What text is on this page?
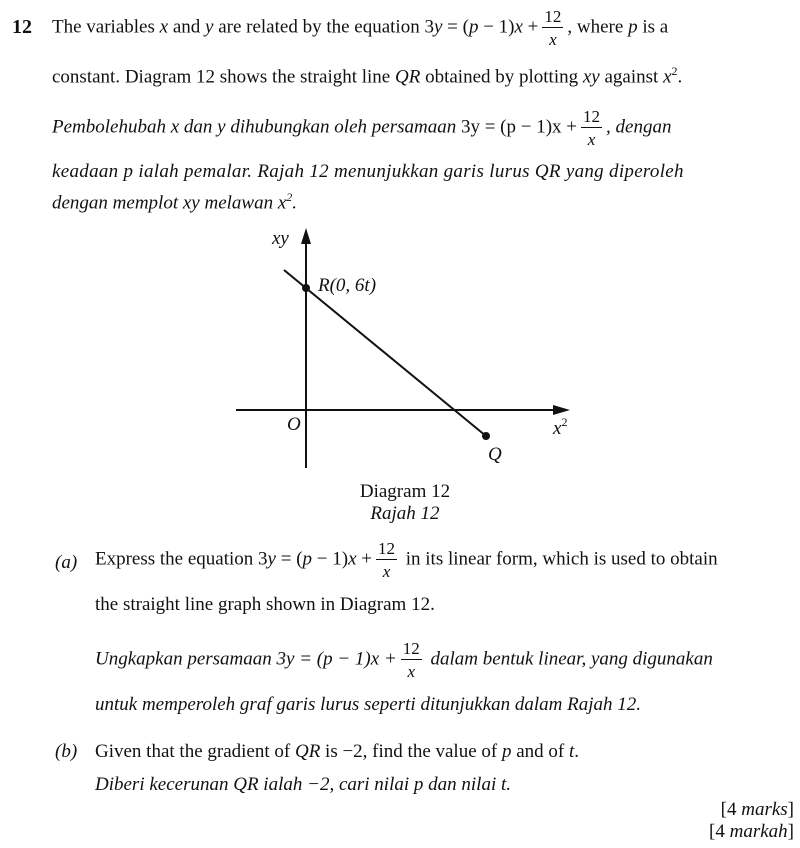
12 The variables x and y are related by the equation $3y = (p - 1)x + \frac{12}{x}$ , where p is a
constant. Diagram 12 shows the straight line QR obtained by plotting xy against $x^2$.
Pembolehubah x dan y dihubungkan oleh persamaan $3y = (p - 1)x + \frac{12}{x}$ , dengan
keadaan p ialah pemalar. Rajah 12 menunjukkan garis lurus QR yang diperoleh
dengan memplot xy melawan $x^2$.
xy
R(0, 6t)
O
Q
$x^2$
Diagram 12
Rajah 12
(a) Express the equation $3y = (p - 1)x + \frac{12}{x}$ in its linear form, which is used to obtain
the straight line graph shown in Diagram 12.
Ungkapkan persamaan $3y = (p - 1)x + \frac{12}{x}$ dalam bentuk linear, yang digunakan
untuk memperoleh graf garis lurus seperti ditunjukkan dalam Rajah 12.
(b) Given that the gradient of QR is −2, find the value of p and of t.
Diberi kecerunan QR ialah −2, cari nilai p dan nilai t.
[4 marks]
[4 markah]
